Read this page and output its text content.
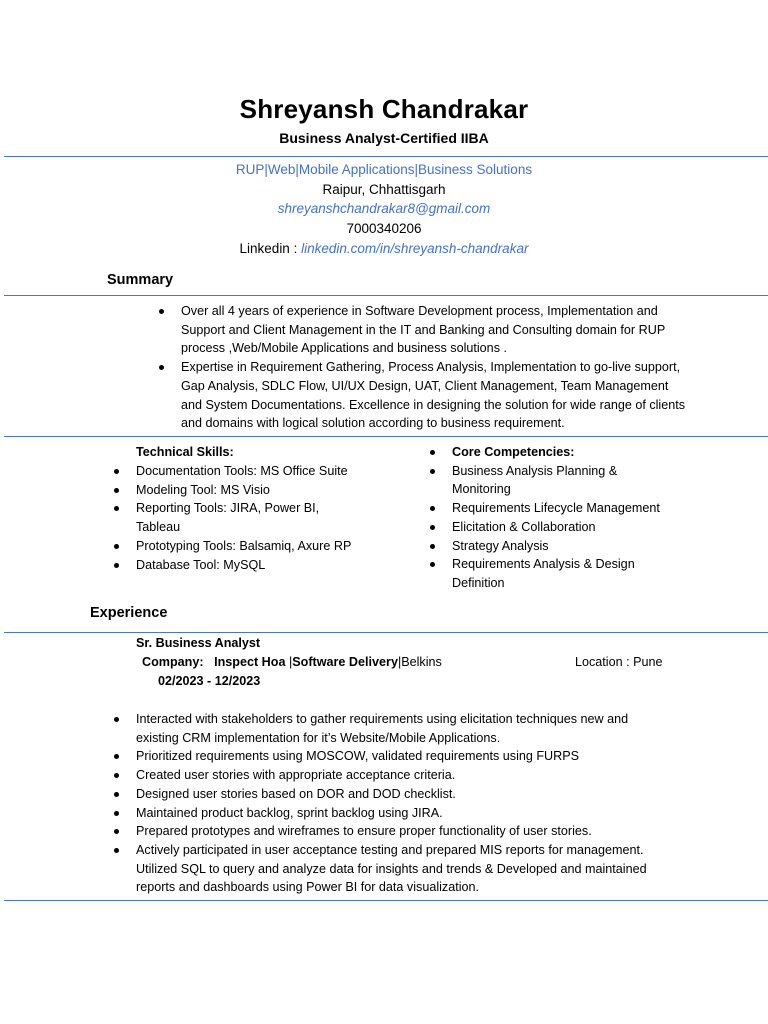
Shreyansh Chandrakar
Business Analyst-Certified IIBA
RUP|Web|Mobile Applications|Business Solutions
Raipur, Chhattisgarh
shreyanshchandrakar8@gmail.com
7000340206
Linkedin : linkedin.com/in/shreyansh-chandrakar
Summary
Over all 4 years of experience in Software Development process, Implementation and Support and Client Management in the IT and Banking and Consulting domain for RUP process ,Web/Mobile Applications and business solutions .
Expertise in Requirement Gathering, Process Analysis, Implementation to go-live support, Gap Analysis, SDLC Flow, UI/UX Design, UAT, Client Management, Team Management and System Documentations. Excellence in designing the solution for wide range of clients and domains with logical solution according to business requirement.
Technical Skills:
Documentation Tools: MS Office Suite
Modeling Tool: MS Visio
Reporting Tools: JIRA, Power BI, Tableau
Prototyping Tools: Balsamiq, Axure RP
Database Tool: MySQL
Core Competencies:
Business Analysis Planning & Monitoring
Requirements Lifecycle Management
Elicitation & Collaboration
Strategy Analysis
Requirements Analysis & Design Definition
Experience
Sr. Business Analyst
Company: Inspect Hoa |Software Delivery|Belkins	Location : Pune
02/2023 - 12/2023
Interacted with stakeholders to gather requirements using elicitation techniques new and existing CRM implementation for it’s Website/Mobile Applications.
Prioritized requirements using MOSCOW, validated requirements using FURPS
Created user stories with appropriate acceptance criteria.
Designed user stories based on DOR and DOD checklist.
Maintained product backlog, sprint backlog using JIRA.
Prepared prototypes and wireframes to ensure proper functionality of user stories.
Actively participated in user acceptance testing and prepared MIS reports for management. Utilized SQL to query and analyze data for insights and trends & Developed and maintained reports and dashboards using Power BI for data visualization.
